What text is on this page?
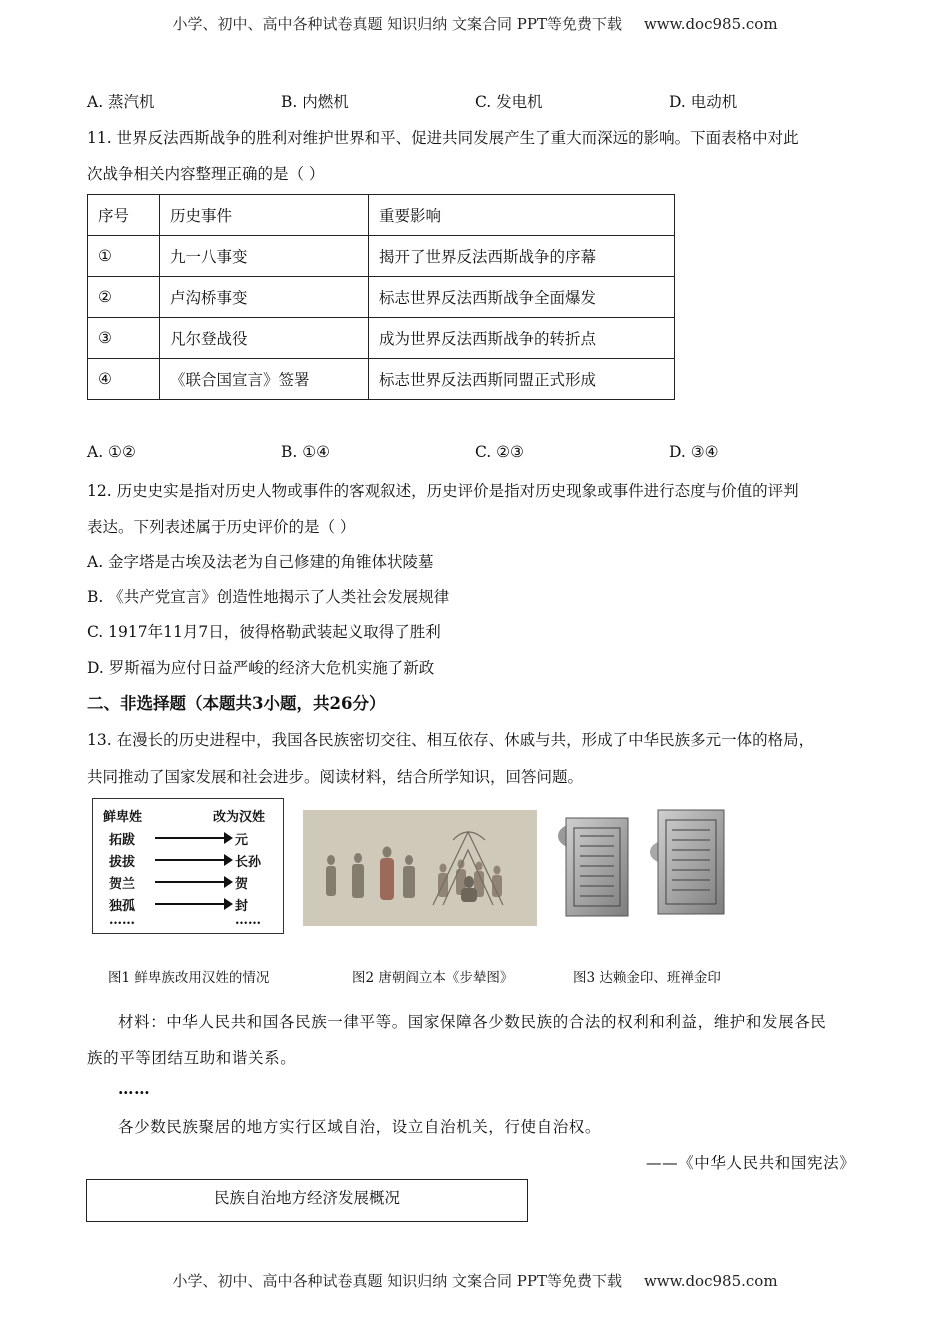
小学、初中、高中各种试卷真题 知识归纳 文案合同 PPT等免费下载 www.doc985.com
A. 蒸汽机	B. 内燃机	C. 发电机	D. 电动机
11. 世界反法西斯战争的胜利对维护世界和平、促进共同发展产生了重大而深远的影响。下面表格中对此
次战争相关内容整理正确的是（ ）
序号	历史事件	重要影响
①	九一八事变	揭开了世界反法西斯战争的序幕
②	卢沟桥事变	标志世界反法西斯战争全面爆发
③	凡尔登战役	成为世界反法西斯战争的转折点
④	《联合国宣言》签署	标志世界反法西斯同盟正式形成
A. ①②	B. ①④	C. ②③	D. ③④
12. 历史史实是指对历史人物或事件的客观叙述，历史评价是指对历史现象或事件进行态度与价值的评判
表达。下列表述属于历史评价的是（ ）
A. 金字塔是古埃及法老为自己修建的角锥体状陵墓
B. 《共产党宣言》创造性地揭示了人类社会发展规律
C. 1917年11月7日，彼得格勒武装起义取得了胜利
D. 罗斯福为应付日益严峻的经济大危机实施了新政
二、非选择题（本题共3小题，共26分）
13. 在漫长的历史进程中，我国各民族密切交往、相互依存、休戚与共，形成了中华民族多元一体的格局，
共同推动了国家发展和社会进步。阅读材料，结合所学知识，回答问题。
鲜卑姓	改为汉姓
拓跋	元
拔拔	长孙
贺兰	贺
独孤	封
……	……
图1 鲜卑族改用汉姓的情况	图2 唐朝阎立本《步辇图》	图3 达赖金印、班禅金印
材料：中华人民共和国各民族一律平等。国家保障各少数民族的合法的权利和利益，维护和发展各民
族的平等团结互助和谐关系。
……
各少数民族聚居的地方实行区域自治，设立自治机关，行使自治权。
——《中华人民共和国宪法》
民族自治地方经济发展概况
小学、初中、高中各种试卷真题 知识归纳 文案合同 PPT等免费下载 www.doc985.com
